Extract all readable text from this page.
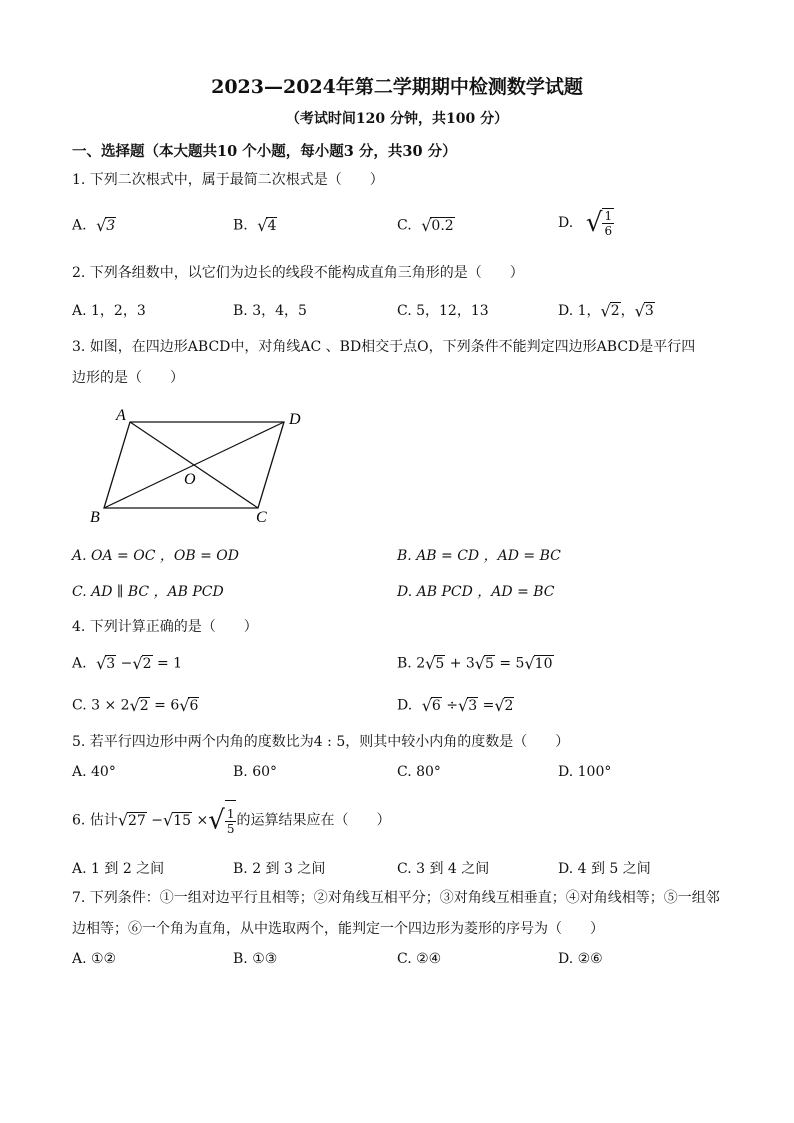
2023—2024年第二学期期中检测数学试题
（考试时间120 分钟，共100 分）
一、选择题（本大题共10 个小题，每小题3 分，共30 分）
1. 下列二次根式中，属于最简二次根式是（　　）
A.  √3	B.  √4	C.  √0.2	D.  √ $\frac{1}{6}$
2. 下列各组数中，以它们为边长的线段不能构成直角三角形的是（　　）
A. 1，2，3	B. 3，4，5	C. 5，12，13	D. 1，√2，√3
3. 如图，在四边形ABCD中，对角线AC 、BD相交于点O，下列条件不能判定四边形ABCD是平行四
边形的是（　　）
A	D
B	C
O
A. OA = OC ，OB = OD	B. AB = CD ，AD = BC
C. AD ∥ BC ，AB PCD	D. AB PCD ，AD = BC
4. 下列计算正确的是（　　）
A.  √3 −√2 = 1	B. 2√5 + 3√5 = 5√10
C. 3 × 2√2 = 6√6	D.  √6 ÷√3 =√2
5. 若平行四边形中两个内角的度数比为4 : 5，则其中较小内角的度数是（　　）
A. 40°	B. 60°	C. 80°	D. 100°
6. 估计√27 −√15 ×√ $\frac{1}{5}$ 的运算结果应在（　　）
A. 1 到 2 之间	B. 2 到 3 之间	C. 3 到 4 之间	D. 4 到 5 之间
7. 下列条件：①一组对边平行且相等；②对角线互相平分；③对角线互相垂直；④对角线相等；⑤一组邻
边相等；⑥一个角为直角，从中选取两个，能判定一个四边形为菱形的序号为（　　）
A. ①②	B. ①③	C. ②④	D. ②⑥
